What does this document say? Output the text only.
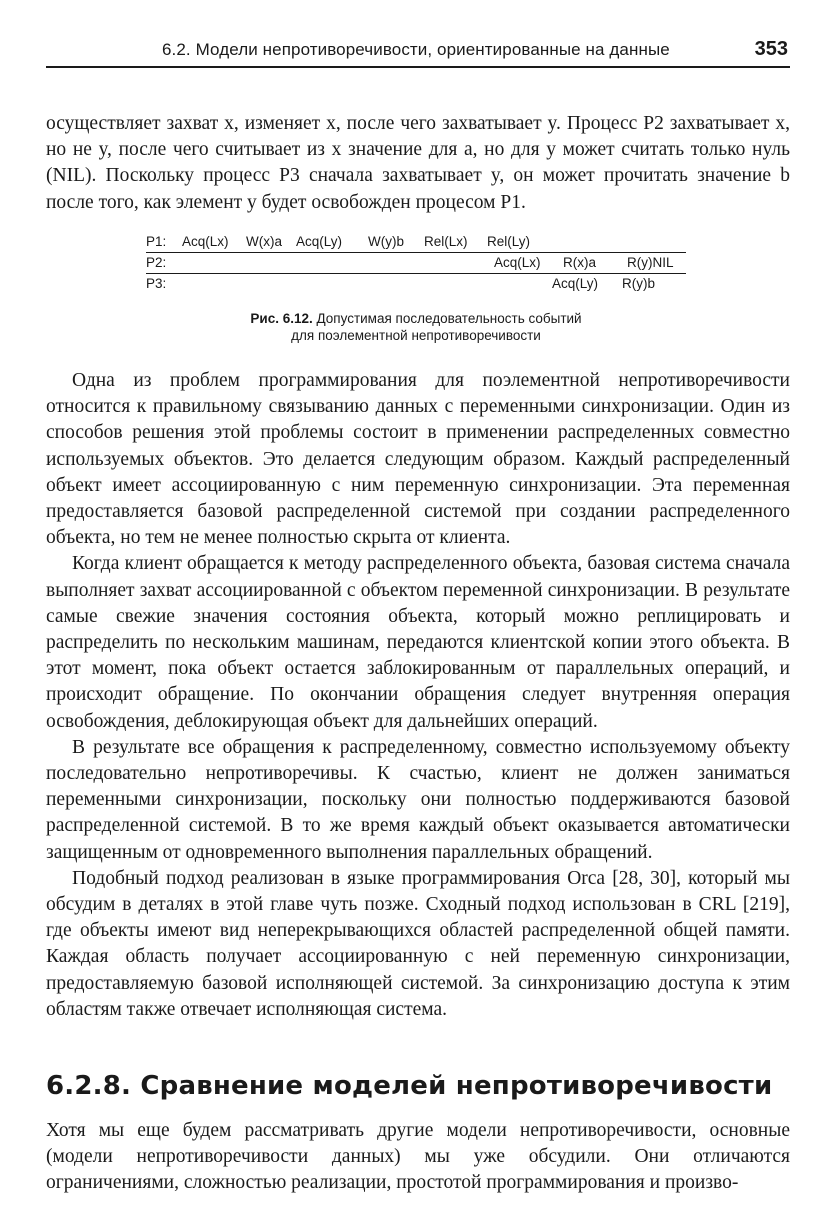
6.2. Модели непротиворечивости, ориентированные на данные	353

осуществляет захват x, изменяет x, после чего захватывает y. Процесс P2 захватывает x, но не y, после чего считывает из x значение для a, но для y может считать только нуль (NIL). Поскольку процесс P3 сначала захватывает y, он может прочитать значение b после того, как элемент y будет освобожден процесом P1.

P1: Acq(Lx) W(x)a Acq(Ly) W(y)b Rel(Lx) Rel(Ly)
P2:	Acq(Lx) R(x)a R(y)NIL
P3:	Acq(Ly) R(y)b
Рис. 6.12. Допустимая последовательность событий
для поэлементной непротиворечивости

Одна из проблем программирования для поэлементной непротиворечивости относится к правильному связыванию данных с переменными синхронизации. Один из способов решения этой проблемы состоит в применении распределенных совместно используемых объектов. Это делается следующим образом. Каждый распределенный объект имеет ассоциированную с ним переменную синхронизации. Эта переменная предоставляется базовой распределенной системой при создании распределенного объекта, но тем не менее полностью скрыта от клиента.

Когда клиент обращается к методу распределенного объекта, базовая система сначала выполняет захват ассоциированной с объектом переменной синхронизации. В результате самые свежие значения состояния объекта, который можно реплицировать и распределить по нескольким машинам, передаются клиентской копии этого объекта. В этот момент, пока объект остается заблокированным от параллельных операций, и происходит обращение. По окончании обращения следует внутренняя операция освобождения, деблокирующая объект для дальнейших операций.

В результате все обращения к распределенному, совместно используемому объекту последовательно непротиворечивы. К счастью, клиент не должен заниматься переменными синхронизации, поскольку они полностью поддерживаются базовой распределенной системой. В то же время каждый объект оказывается автоматически защищенным от одновременного выполнения параллельных обращений.

Подобный подход реализован в языке программирования Orca [28, 30], который мы обсудим в деталях в этой главе чуть позже. Сходный подход использован в CRL [219], где объекты имеют вид неперекрывающихся областей распределенной общей памяти. Каждая область получает ассоциированную с ней переменную синхронизации, предоставляемую базовой исполняющей системой. За синхронизацию доступа к этим областям также отвечает исполняющая система.

6.2.8. Сравнение моделей непротиворечивости

Хотя мы еще будем рассматривать другие модели непротиворечивости, основные (модели непротиворечивости данных) мы уже обсудили. Они отличаются ограничениями, сложностью реализации, простотой программирования и произво-
